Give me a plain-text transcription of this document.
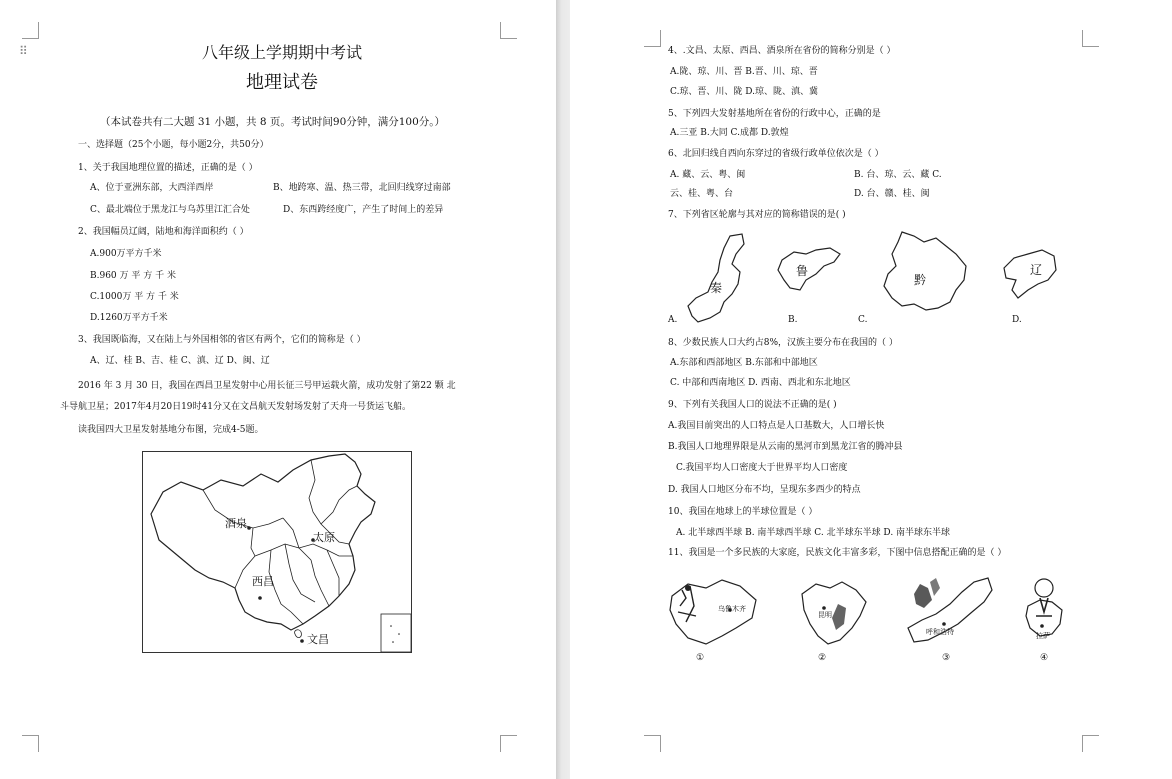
⠿	八年级上学期期中考试
地理试卷
（本试卷共有二大题 31 小题，共 8 页。考试时间90分钟，满分100分。）
一、选择题（25个小题，每小题2分，共50分）
1、关于我国地理位置的描述，正确的是（ ）
A、位于亚洲东部，大西洋西岸	B、地跨寒、温、热三带，北回归线穿过南部
C、最北端位于黑龙江与乌苏里江汇合处	D、东西跨经度广，产生了时间上的差异
2、我国幅员辽阔，陆地和海洋面积约（ ）
A.900万平方千米
B.960 万 平 方 千 米
C.1000万 平 方 千 米
D.1260万平方千米
3、我国既临海，又在陆上与外国相邻的省区有两个，它们的简称是（ ）
A、辽、桂 B、吉、桂 C、滇、辽 D、闽、辽
2016 年 3 月 30 日，我国在西昌卫星发射中心用长征三号甲运载火箭，成功发射了第22 颗 北
斗导航卫星；2017年4月20日19时41分又在文昌航天发射场发射了天舟一号货运飞船。
读我国四大卫星发射基地分布图，完成4-5题。
酒泉
太原
西昌
文昌
4、.文昌、太原、西昌、酒泉所在省份的简称分别是（ ）
A.陇、琼、川、晋 B.晋、川、琼、晋
C.琼、晋、川、陇 D.琼、陇、滇、冀
5、下列四大发射基地所在省份的行政中心，正确的是
A.三亚 B.大同 C.成都 D.敦煌
6、北回归线自西向东穿过的省级行政单位依次是（ ）
A. 藏、云、粤、闽	B. 台、琼、云、藏 C.
云、桂、粤、台	D. 台、赣、桂、闽
7、下列省区轮廓与其对应的简称错误的是( )
秦
A.
鲁
B.
黔
C.
辽
D.
8、少数民族人口大约占8%，汉族主要分布在我国的（ ）
A.东部和西部地区 B.东部和中部地区
C. 中部和西南地区 D. 西南、西北和东北地区
9、下列有关我国人口的说法不正确的是( )
A.我国目前突出的人口特点是人口基数大，人口增长快
B.我国人口地理界限是从云南的黑河市到黑龙江省的腾冲县
C.我国平均人口密度大于世界平均人口密度
D. 我国人口地区分布不均，呈现东多西少的特点
10、我国在地球上的半球位置是（ ）
A. 北半球西半球 B. 南半球西半球 C. 北半球东半球 D. 南半球东半球
11、我国是一个多民族的大家庭，民族文化丰富多彩，下图中信息搭配正确的是（ ）
乌鲁木齐
①
昆明
②
呼和浩特
③
拉萨
④
